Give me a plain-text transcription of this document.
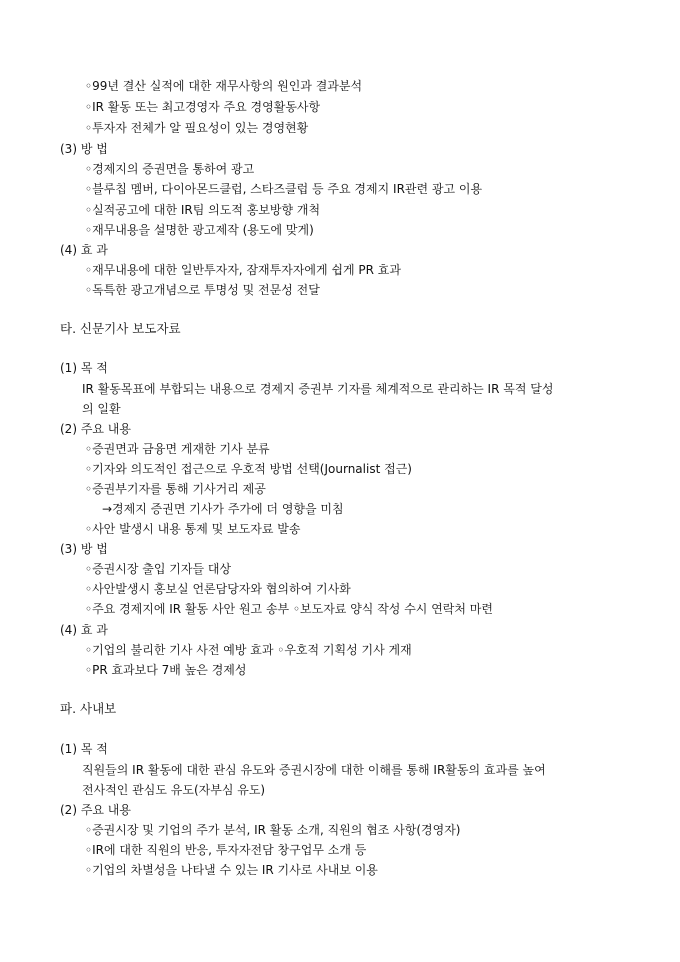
◦99년 결산 실적에 대한 재무사항의 원인과 결과분석
◦IR 활동 또는 최고경영자 주요 경영활동사항
◦투자자 전체가 알 필요성이 있는 경영현황
(3) 방 법
◦경제지의 증권면을 통하여 광고
◦블루칩 멤버, 다이아몬드클럽, 스타즈클럽 등 주요 경제지 IR관련 광고 이용
◦실적공고에 대한 IR팀 의도적 홍보방향 개척
◦재무내용을 설명한 광고제작 (용도에 맞게)
(4) 효 과
◦재무내용에 대한 일반투자자, 잠재투자자에게 쉽게 PR 효과
◦독특한 광고개념으로 투명성 및 전문성 전달
타. 신문기사 보도자료
(1) 목 적
IR 활동목표에 부합되는 내용으로 경제지 증권부 기자를 체계적으로 관리하는 IR 목적 달성
의 일환
(2) 주요 내용
◦증권면과 금융면 게재한 기사 분류
◦기자와 의도적인 접근으로 우호적 방법 선택(Journalist 접근)
◦증권부기자를 통해 기사거리 제공
→경제지 증권면 기사가 주가에 더 영향을 미침
◦사안 발생시 내용 통제 및 보도자료 발송
(3) 방 법
◦증권시장 출입 기자들 대상
◦사안발생시 홍보실 언론담당자와 협의하여 기사화
◦주요 경제지에 IR 활동 사안 원고 송부 ◦보도자료 양식 작성 수시 연락처 마련
(4) 효 과
◦기업의 불리한 기사 사전 예방 효과 ◦우호적 기획성 기사 게재
◦PR 효과보다 7배 높은 경제성
파. 사내보
(1) 목 적
직원들의 IR 활동에 대한 관심 유도와 증권시장에 대한 이해를 통해 IR활동의 효과를 높여
전사적인 관심도 유도(자부심 유도)
(2) 주요 내용
◦증권시장 및 기업의 주가 분석, IR 활동 소개, 직원의 협조 사항(경영자)
◦IR에 대한 직원의 반응, 투자자전담 창구업무 소개 등
◦기업의 차별성을 나타낼 수 있는 IR 기사로 사내보 이용
